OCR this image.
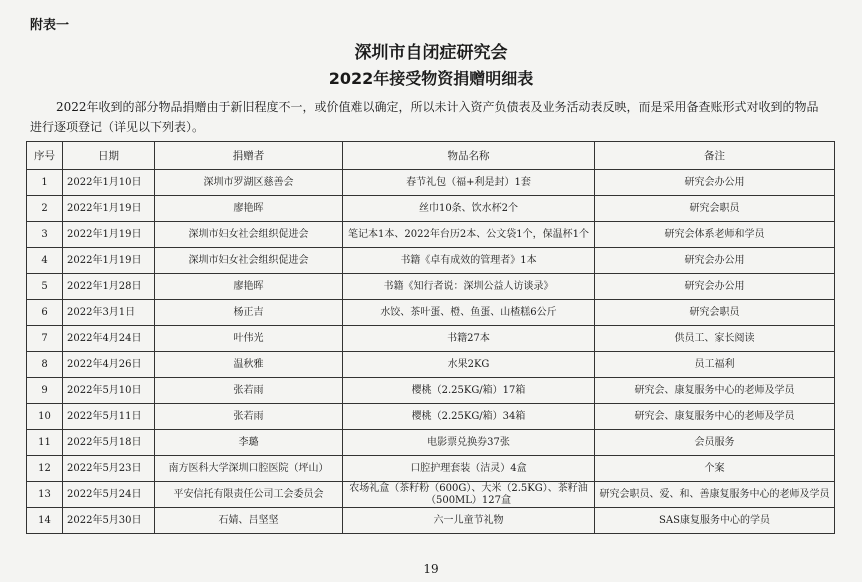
附表一
深圳市自闭症研究会
2022年接受物资捐赠明细表
2022年收到的部分物品捐赠由于新旧程度不一，或价值难以确定，所以未计入资产负债表及业务活动表反映，而是采用备查账形式对收到的物品进行逐项登记（详见以下列表）。
序号	日期	捐赠者	物品名称	备注
1	2022年1月10日	深圳市罗湖区慈善会	春节礼包（福+利是封）1套	研究会办公用
2	2022年1月19日	廖艳晖	丝巾10条、饮水杯2个	研究会职员
3	2022年1月19日	深圳市妇女社会组织促进会	笔记本1本、2022年台历2本、公文袋1个，保温杯1个	研究会体系老师和学员
4	2022年1月19日	深圳市妇女社会组织促进会	书籍《卓有成效的管理者》1本	研究会办公用
5	2022年1月28日	廖艳晖	书籍《知行者说：深圳公益人访谈录》	研究会办公用
6	2022年3月1日	杨正吉	水饺、茶叶蛋、橙、鱼蛋、山楂糕6公斤	研究会职员
7	2022年4月24日	叶伟光	书籍27本	供员工、家长阅读
8	2022年4月26日	温秋雅	水果2KG	员工福利
9	2022年5月10日	张若雨	樱桃（2.25KG/箱）17箱	研究会、康复服务中心的老师及学员
10	2022年5月11日	张若雨	樱桃（2.25KG/箱）34箱	研究会、康复服务中心的老师及学员
11	2022年5月18日	李璐	电影票兑换券37张	会员服务
12	2022年5月23日	南方医科大学深圳口腔医院（坪山）	口腔护理套装（洁灵）4盒	个案
13	2022年5月24日	平安信托有限责任公司工会委员会	农场礼盒（茶籽粉（600G）、大米（2.5KG）、茶籽油（500ML）127盒	研究会职员、爱、和、善康复服务中心的老师及学员
14	2022年5月30日	石婧、吕坚坚	六一儿童节礼物	SAS康复服务中心的学员
19
